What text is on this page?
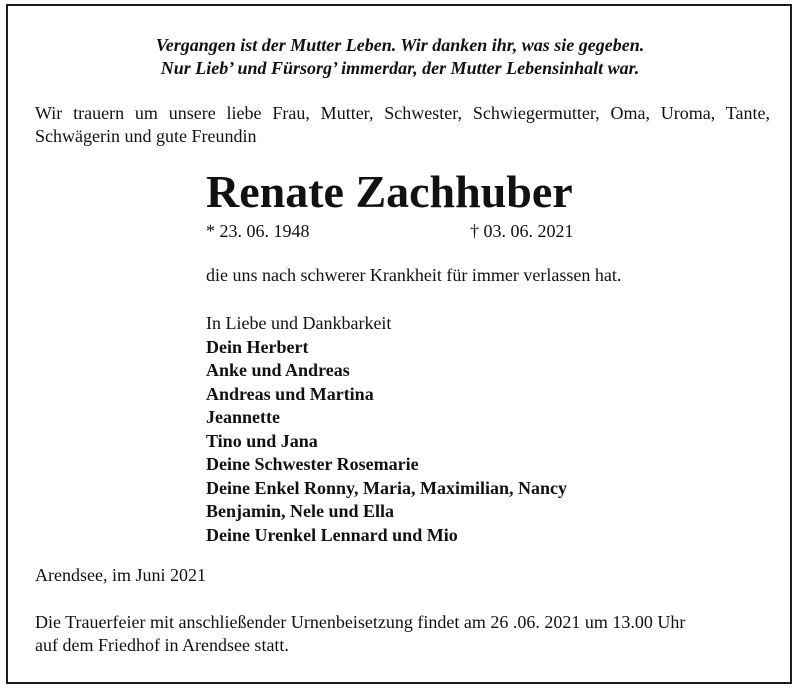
Vergangen ist der Mutter Leben. Wir danken ihr, was sie gegeben.
Nur Lieb’ und Fürsorg’ immerdar, der Mutter Lebensinhalt war.
Wir trauern um unsere liebe Frau, Mutter, Schwester, Schwiegermutter, Oma, Uroma, Tante, Schwägerin und gute Freundin
Renate Zachhuber
* 23. 06. 1948	† 03. 06. 2021
die uns nach schwerer Krankheit für immer verlassen hat.
In Liebe und Dankbarkeit
Dein Herbert
Anke und Andreas
Andreas und Martina
Jeannette
Tino und Jana
Deine Schwester Rosemarie
Deine Enkel Ronny, Maria, Maximilian, Nancy
Benjamin, Nele und Ella
Deine Urenkel Lennard und Mio
Arendsee, im Juni 2021
Die Trauerfeier mit anschließender Urnenbeisetzung findet am 26 .06. 2021 um 13.00 Uhr
auf dem Friedhof in Arendsee statt.
